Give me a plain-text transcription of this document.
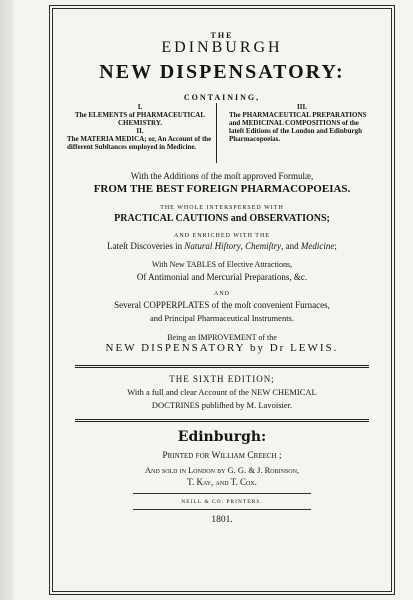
THE
EDINBURGH
NEW DISPENSATORY:
CONTAINING,
I.
The ELEMENTS of PHARMACEUTICAL CHEMISTRY.
II.
The MATERIA MEDICA; or, An Account of the different Subſtances employed in Medicine.
III.
The PHARMACEUTICAL PREPARATIONS and MEDICINAL COMPOSITIONS of the lateſt Editions of the London and Edinburgh Pharmacopoeias.
With the Additions of the moſt approved Formulæ,
FROM THE BEST FOREIGN PHARMACOPOEIAS.
THE WHOLE INTERSPERSED WITH
PRACTICAL CAUTIONS and OBSERVATIONS;
AND ENRICHED WITH THE
Lateſt Discoveries in Natural Hiſtory, Chemiſtry, and Medicine;
With New TABLES of Elective Attractions,
Of Antimonial and Mercurial Preparations, &c.
AND
Several COPPERPLATES of the moſt convenient Furnaces,
and Principal Pharmaceutical Instruments.
Being an IMPROVEMENT of the
NEW DISPENSATORY by Dr LEWIS.
THE SIXTH EDITION;
With a full and clear Account of the NEW CHEMICAL
DOCTRINES publiſhed by M. Lavoisier.
Edinburgh:
Printed for William Creech ;
And sold in London by G. G. & J. Robinson,
T. Kay, and T. Cox.
NEILL & CO. PRINTERS.
1801.
